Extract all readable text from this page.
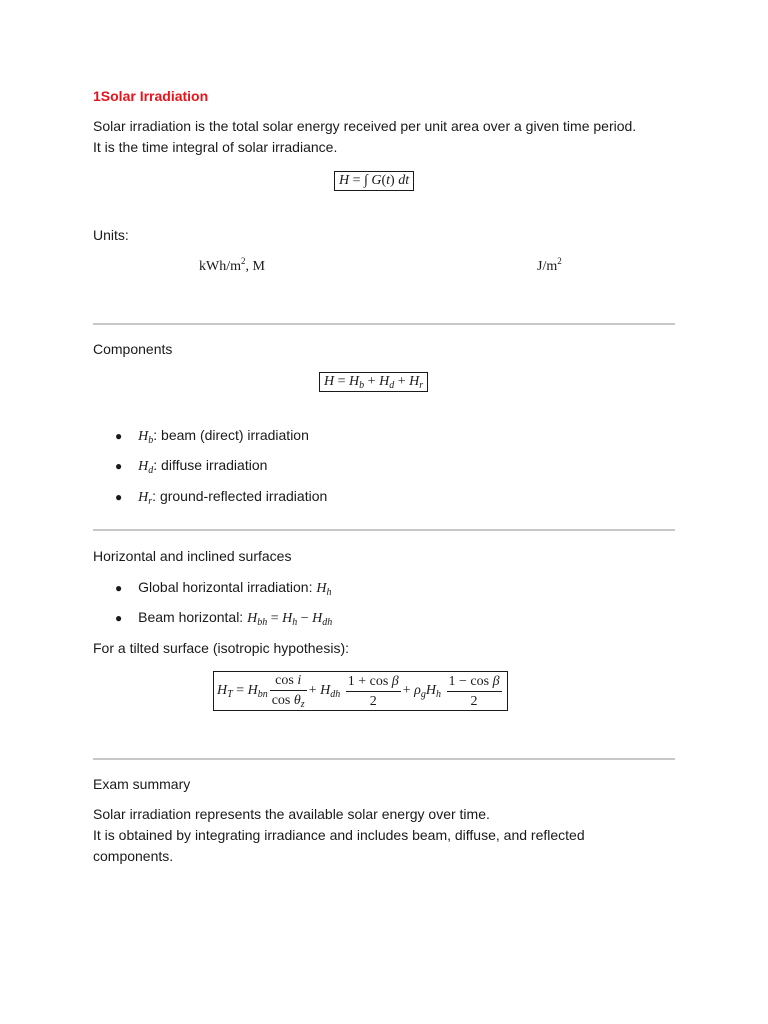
1Solar Irradiation
Solar irradiation is the total solar energy received per unit area over a given time period.
It is the time integral of solar irradiance.
H = ∫ G(t) dt
Units:
kWh/$m^2$, M	$J/m^2$
Components
$H = H_b + H_d + H_r$
● $H_b$: beam (direct) irradiation
● $H_d$: diffuse irradiation
● $H_r$: ground-reflected irradiation
Horizontal and inclined surfaces
● Global horizontal irradiation: $H_h$
● Beam horizontal: $H_{bh} = H_h - H_{dh}$
For a tilted surface (isotropic hypothesis):
$H_T = H_{bn} \frac{\text{cos i}}{\cos \theta_z} + H_{dh} \frac{\text{1 + cos β}}{2} + \rho_gH_h \frac{\text{1 − cos β}}{2}$
Exam summary
Solar irradiation represents the available solar energy over time.
It is obtained by integrating irradiance and includes beam, diffuse, and reflected
components.
